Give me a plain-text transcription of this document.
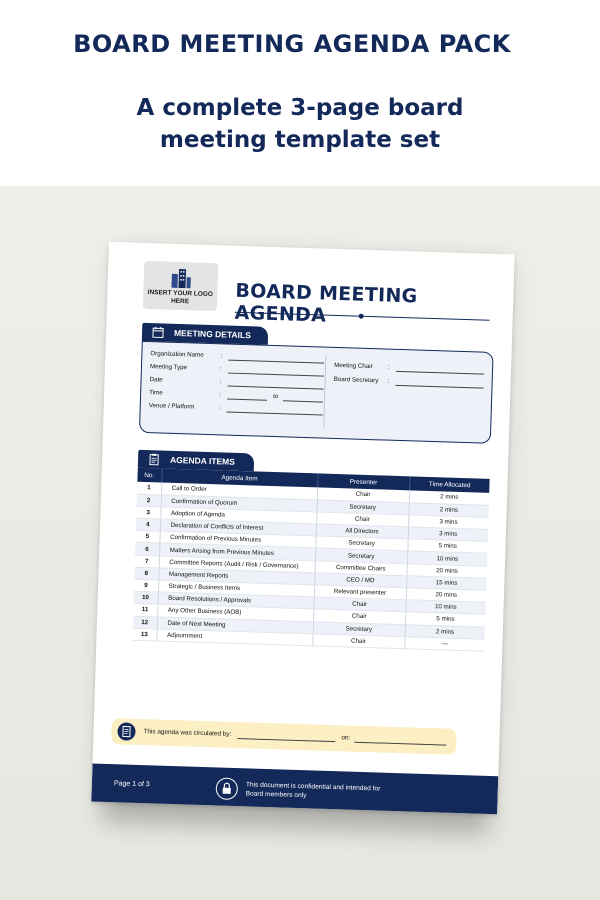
BOARD MEETING AGENDA PACK
A complete 3-page board meeting template set
INSERT YOUR LOGO HERE	BOARD MEETING AGENDA
MEETING DETAILS
Organization Name	:
Meeting Type	:
Date	:
Time	:	to
Venue / Platform	:
Meeting Chair :
Board Secretary :
AGENDA ITEMS
No.	Agenda Item	Presenter	Time Allocated
1	Call to Order	Chair	2 mins
2	Confirmation of Quorum	Secretary	2 mins
3	Adoption of Agenda	Chair	3 mins
4	Declaration of Conflicts of Interest	All Directors	3 mins
5	Confirmation of Previous Minutes	Secretary	5 mins
6	Matters Arising from Previous Minutes	Secretary	10 mins
7	Committee Reports (Audit / Risk / Governance)	Committee Chairs	20 mins
8	Management Reports	CEO / MD	15 mins
9	Strategic / Business Items	Relevant presenter	20 mins
10	Board Resolutions / Approvals	Chair	10 mins
11	Any Other Business (AOB)	Chair	5 mins
12	Date of Next Meeting	Secretary	2 mins
13	Adjournment	Chair	—
This agenda was circulated by:
on:
Page 1 of 3	This document is confidential and intended for Board members only
